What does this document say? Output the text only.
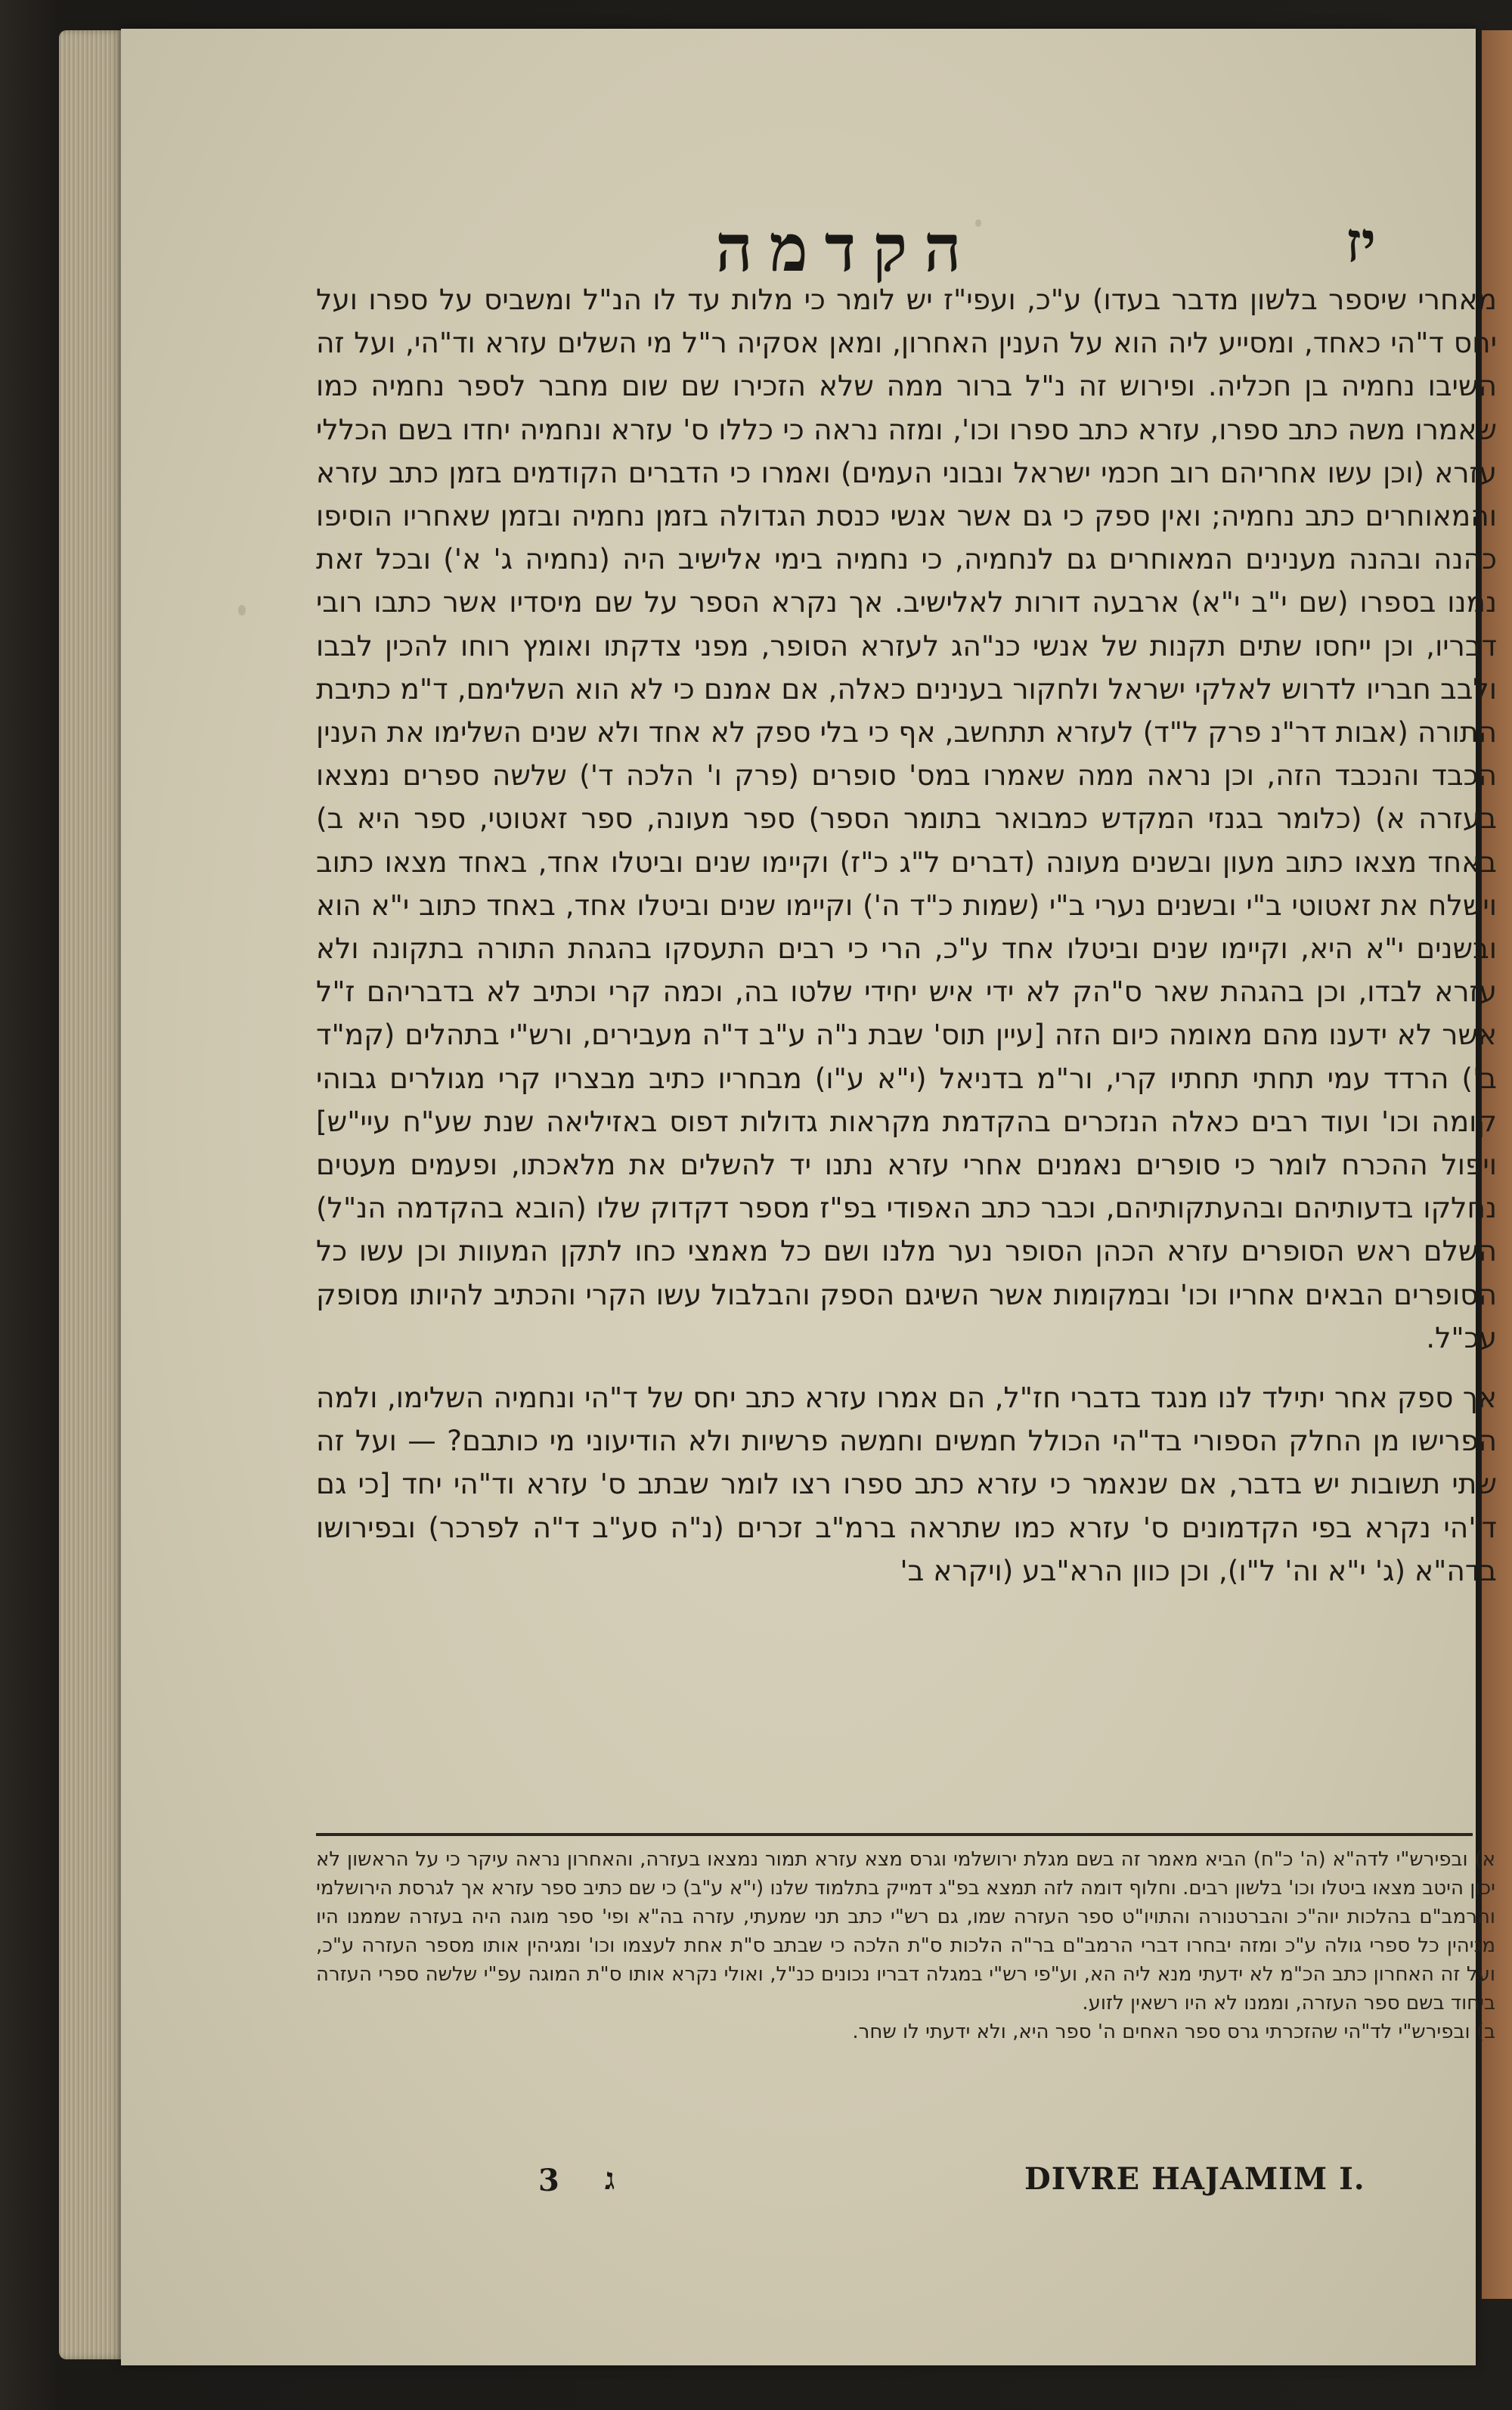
יז
הקדמה

מאחרי שיספר בלשון מדבר בעדו) ע"כ, ועפי"ז יש לומר כי מלות עד לו הנ"ל ומשביס על ספרו ועל יחס ד"הי כאחד, ומסייע ליה הוא על הענין האחרון, ומאן אסקיה ר"ל מי השלים עזרא וד"הי, ועל זה השיבו נחמיה בן חכליה. ופירוש זה נ"ל ברור ממה שלא הזכירו שם שום מחבר לספר נחמיה כמו שאמרו משה כתב ספרו, עזרא כתב ספרו וכו', ומזה נראה כי כללו ס' עזרא ונחמיה יחדו בשם הכללי עזרא (וכן עשו אחריהם רוב חכמי ישראל ונבוני העמים) ואמרו כי הדברים הקודמים בזמן כתב עזרא והמאוחרים כתב נחמיה; ואין ספק כי גם אשר אנשי כנסת הגדולה בזמן נחמיה ובזמן שאחריו הוסיפו כהנה ובהנה מענינים המאוחרים גם לנחמיה, כי נחמיה בימי אלישיב היה (נחמיה ג' א') ובכל זאת נמנו בספרו (שם י"ב י"א) ארבעה דורות לאלישיב. אך נקרא הספר על שם מיסדיו אשר כתבו רובי דבריו, וכן ייחסו שתים תקנות של אנשי כנ"הג לעזרא הסופר, מפני צדקתו ואומץ רוחו להכין לבבו ולבב חבריו לדרוש לאלקי ישראל ולחקור בענינים כאלה, אם אמנם כי לא הוא השלימם, ד"מ כתיבת התורה (אבות דר"נ פרק ל"ד) לעזרא תתחשב, אף כי בלי ספק לא אחד ולא שנים השלימו את הענין הכבד והנכבד הזה, וכן נראה ממה שאמרו במס' סופרים (פרק ו' הלכה ד') שלשה ספרים נמצאו בעזרה א) (כלומר בגנזי המקדש כמבואר בתומר הספר) ספר מעונה, ספר זאטוטי, ספר היא ב) באחד מצאו כתוב מעון ובשנים מעונה (דברים ל"ג כ"ז) וקיימו שנים וביטלו אחד, באחד מצאו כתוב וישלח את זאטוטי ב"י ובשנים נערי ב"י (שמות כ"ד ה') וקיימו שנים וביטלו אחד, באחד כתוב י"א הוא ובשנים י"א היא, וקיימו שנים וביטלו אחד ע"כ, הרי כי רבים התעסקו בהגהת התורה בתקונה ולא עזרא לבדו, וכן בהגהת שאר ס"הק לא ידי איש יחידי שלטו בה, וכמה קרי וכתיב לא בדבריהם ז"ל אשר לא ידענו מהם מאומה כיום הזה [עיין תוס' שבת נ"ה ע"ב ד"ה מעבירים, ורש"י בתהלים (קמ"ד ב') הרדד עמי תחתי תחתיו קרי, ור"מ בדניאל (י"א ע"ו) מבחריו כתיב מבצריו קרי מגולרים גבוהי קומה וכו' ועוד רבים כאלה הנזכרים בהקדמת מקראות גדולות דפוס באזיליאה שנת שע"ח עיי"ש] ויפול ההכרח לומר כי סופרים נאמנים אחרי עזרא נתנו יד להשלים את מלאכתו, ופעמים מעטים נחלקו בדעותיהם ובהעתקותיהם, וכבר כתב האפודי בפ"ז מספר דקדוק שלו (הובא בהקדמה הנ"ל) השלם ראש הסופרים עזרא הכהן הסופר נער מלנו ושם כל מאמצי כחו לתקן המעוות וכן עשו כל הסופרים הבאים אחריו וכו' ובמקומות אשר השיגם הספק והבלבול עשו הקרי והכתיב להיותו מסופק עכ"ל.

אך ספק אחר יתילד לנו מנגד בדברי חז"ל, הם אמרו עזרא כתב יחס של ד"הי ונחמיה השלימו, ולמה הפרישו מן החלק הספורי בד"הי הכולל חמשים וחמשה פרשיות ולא הודיעוני מי כותבם? — ועל זה שתי תשובות יש בדבר, אם שנאמר כי עזרא כתב ספרו רצו לומר שבתב ס' עזרא וד"הי יחד [כי גם ד"הי נקרא בפי הקדמונים ס' עזרא כמו שתראה ברמ"ב זכרים (נ"ה סע"ב ד"ה לפרכר) ובפירושו בדה"א (ג' י"א וה' ל"ו), וכן כוון הרא"בע (ויקרא ב'

א) ובפירש"י לדה"א (ה' כ"ח) הביא מאמר זה בשם מגלת ירושלמי וגרס מצא עזרא תמור נמצאו בעזרה, והאחרון נראה עיקר כי על הראשון לא יכון היטב מצאו ביטלו וכו' בלשון רבים. וחלוף דומה לזה תמצא בפ"ג דמייק בתלמוד שלנו (י"א ע"ב) כי שם כתיב ספר עזרא אך לגרסת הירושלמי והרמב"ם בהלכות יוה"כ והברטנורה והתויו"ט ספר העזרה שמו, גם רש"י כתב תני שמעתי, עזרה בה"א ופי' ספר מוגה היה בעזרה שממנו היו מגיהין כל ספרי גולה ע"כ ומזה יבחרו דברי הרמב"ם בר"ה הלכות ס"ת הלכה כי שבתב ס"ת אחת לעצמו וכו' ומגיהין אותו מספר העזרה ע"כ, ועל זה האחרון כתב הכ"מ לא ידעתי מנא ליה הא, וע"פי רש"י במגלה דבריו נכונים כנ"ל, ואולי נקרא אותו ס"ת המוגה עפ"י שלשה ספרי העזרה ביחוד בשם ספר העזרה, וממנו לא היו רשאין לזוע.

ב) ובפירש"י לד"הי שהזכרתי גרס ספר האחים ה' ספר היא, ולא ידעתי לו שחר.

3 ג	DIVRE HAJAMIM I.
